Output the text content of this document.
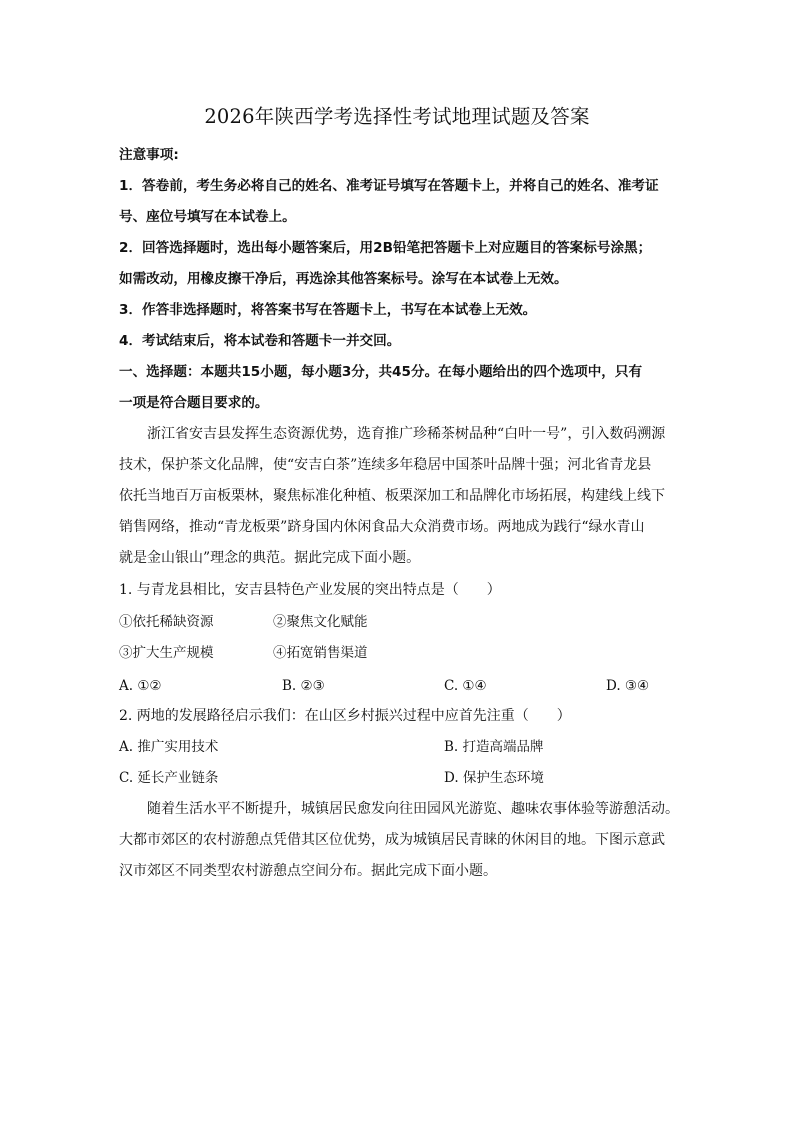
2026年陕西学考选择性考试地理试题及答案

注意事项:

1．答卷前，考生务必将自己的姓名、准考证号填写在答题卡上，并将自己的姓名、准考证

号、座位号填写在本试卷上。

2．回答选择题时，选出每小题答案后，用2B铅笔把答题卡上对应题目的答案标号涂黑；

如需改动，用橡皮擦干净后，再选涂其他答案标号。涂写在本试卷上无效。

3．作答非选择题时，将答案书写在答题卡上，书写在本试卷上无效。

4．考试结束后，将本试卷和答题卡一并交回。

一、选择题：本题共15小题，每小题3分，共45分。在每小题给出的四个选项中，只有

一项是符合题目要求的。

浙江省安吉县发挥生态资源优势，选育推广珍稀茶树品种“白叶一号”，引入数码溯源

技术，保护茶文化品牌，使“安吉白茶”连续多年稳居中国茶叶品牌十强；河北省青龙县

依托当地百万亩板栗林，聚焦标准化种植、板栗深加工和品牌化市场拓展，构建线上线下

销售网络，推动“青龙板栗”跻身国内休闲食品大众消费市场。两地成为践行“绿水青山

就是金山银山”理念的典范。据此完成下面小题。

1. 与青龙县相比，安吉县特色产业发展的突出特点是（　　）

①依托稀缺资源	②聚焦文化赋能

③扩大生产规模	④拓宽销售渠道

A. ①②	B. ②③	C. ①④	D. ③④

2. 两地的发展路径启示我们：在山区乡村振兴过程中应首先注重（　　）

A. 推广实用技术	B. 打造高端品牌

C. 延长产业链条	D. 保护生态环境

随着生活水平不断提升，城镇居民愈发向往田园风光游览、趣味农事体验等游憩活动。

大都市郊区的农村游憩点凭借其区位优势，成为城镇居民青睐的休闲目的地。下图示意武

汉市郊区不同类型农村游憩点空间分布。据此完成下面小题。
